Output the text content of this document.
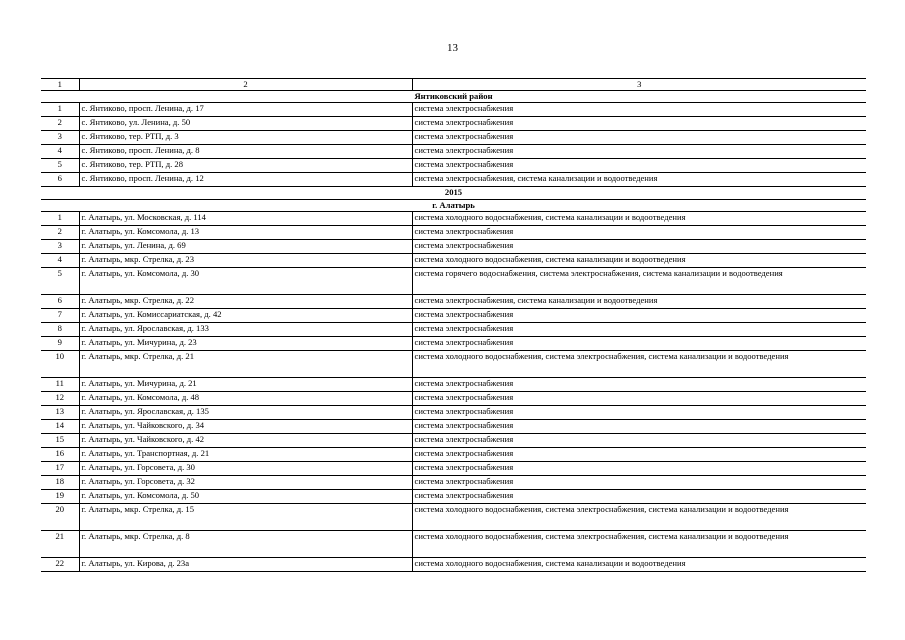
13
1	2	3
Янтиковский район		
1	с. Янтиково, просп. Ленина, д. 17	система электроснабжения
2	с. Янтиково, ул. Ленина, д. 50	система электроснабжения
3	с. Янтиково, тер. РТП, д. 3	система электроснабжения
4	с. Янтиково, просп. Ленина, д. 8	система электроснабжения
5	с. Янтиково, тер. РТП, д. 28	система электроснабжения
6	с. Янтиково, просп. Ленина, д. 12	система электроснабжения, система канализации и водоотведения
2015		
г. Алатырь		
1	г. Алатырь, ул. Московская, д. 114	система холодного водоснабжения, система канализации и водоотведения
2	г. Алатырь, ул. Комсомола, д. 13	система электроснабжения
3	г. Алатырь, ул. Ленина, д. 69	система электроснабжения
4	г. Алатырь, мкр. Стрелка, д. 23	система холодного водоснабжения, система канализации и водоотведения
5	г. Алатырь, ул. Комсомола, д. 30	система горячего водоснабжения, система электроснабжения, система канализации и водоотведения
6	г. Алатырь, мкр. Стрелка, д. 22	система электроснабжения, система канализации и водоотведения
7	г. Алатырь, ул. Комиссариатская, д. 42	система электроснабжения
8	г. Алатырь, ул. Ярославская, д. 133	система электроснабжения
9	г. Алатырь, ул. Мичурина, д. 23	система электроснабжения
10	г. Алатырь, мкр. Стрелка, д. 21	система холодного водоснабжения, система электроснабжения, система канализации и водоотведения
11	г. Алатырь, ул. Мичурина, д. 21	система электроснабжения
12	г. Алатырь, ул. Комсомола, д. 48	система электроснабжения
13	г. Алатырь, ул. Ярославская, д. 135	система электроснабжения
14	г. Алатырь, ул. Чайковского, д. 34	система электроснабжения
15	г. Алатырь, ул. Чайковского, д. 42	система электроснабжения
16	г. Алатырь, ул. Транспортная, д. 21	система электроснабжения
17	г. Алатырь, ул. Горсовета, д. 30	система электроснабжения
18	г. Алатырь, ул. Горсовета, д. 32	система электроснабжения
19	г. Алатырь, ул. Комсомола, д. 50	система электроснабжения
20	г. Алатырь, мкр. Стрелка, д. 15	система холодного водоснабжения, система электроснабжения, система канализации и водоотведения
21	г. Алатырь, мкр. Стрелка, д. 8	система холодного водоснабжения, система электроснабжения, система канализации и водоотведения
22	г. Алатырь, ул. Кирова, д. 23а	система холодного водоснабжения, система канализации и водоотведения
